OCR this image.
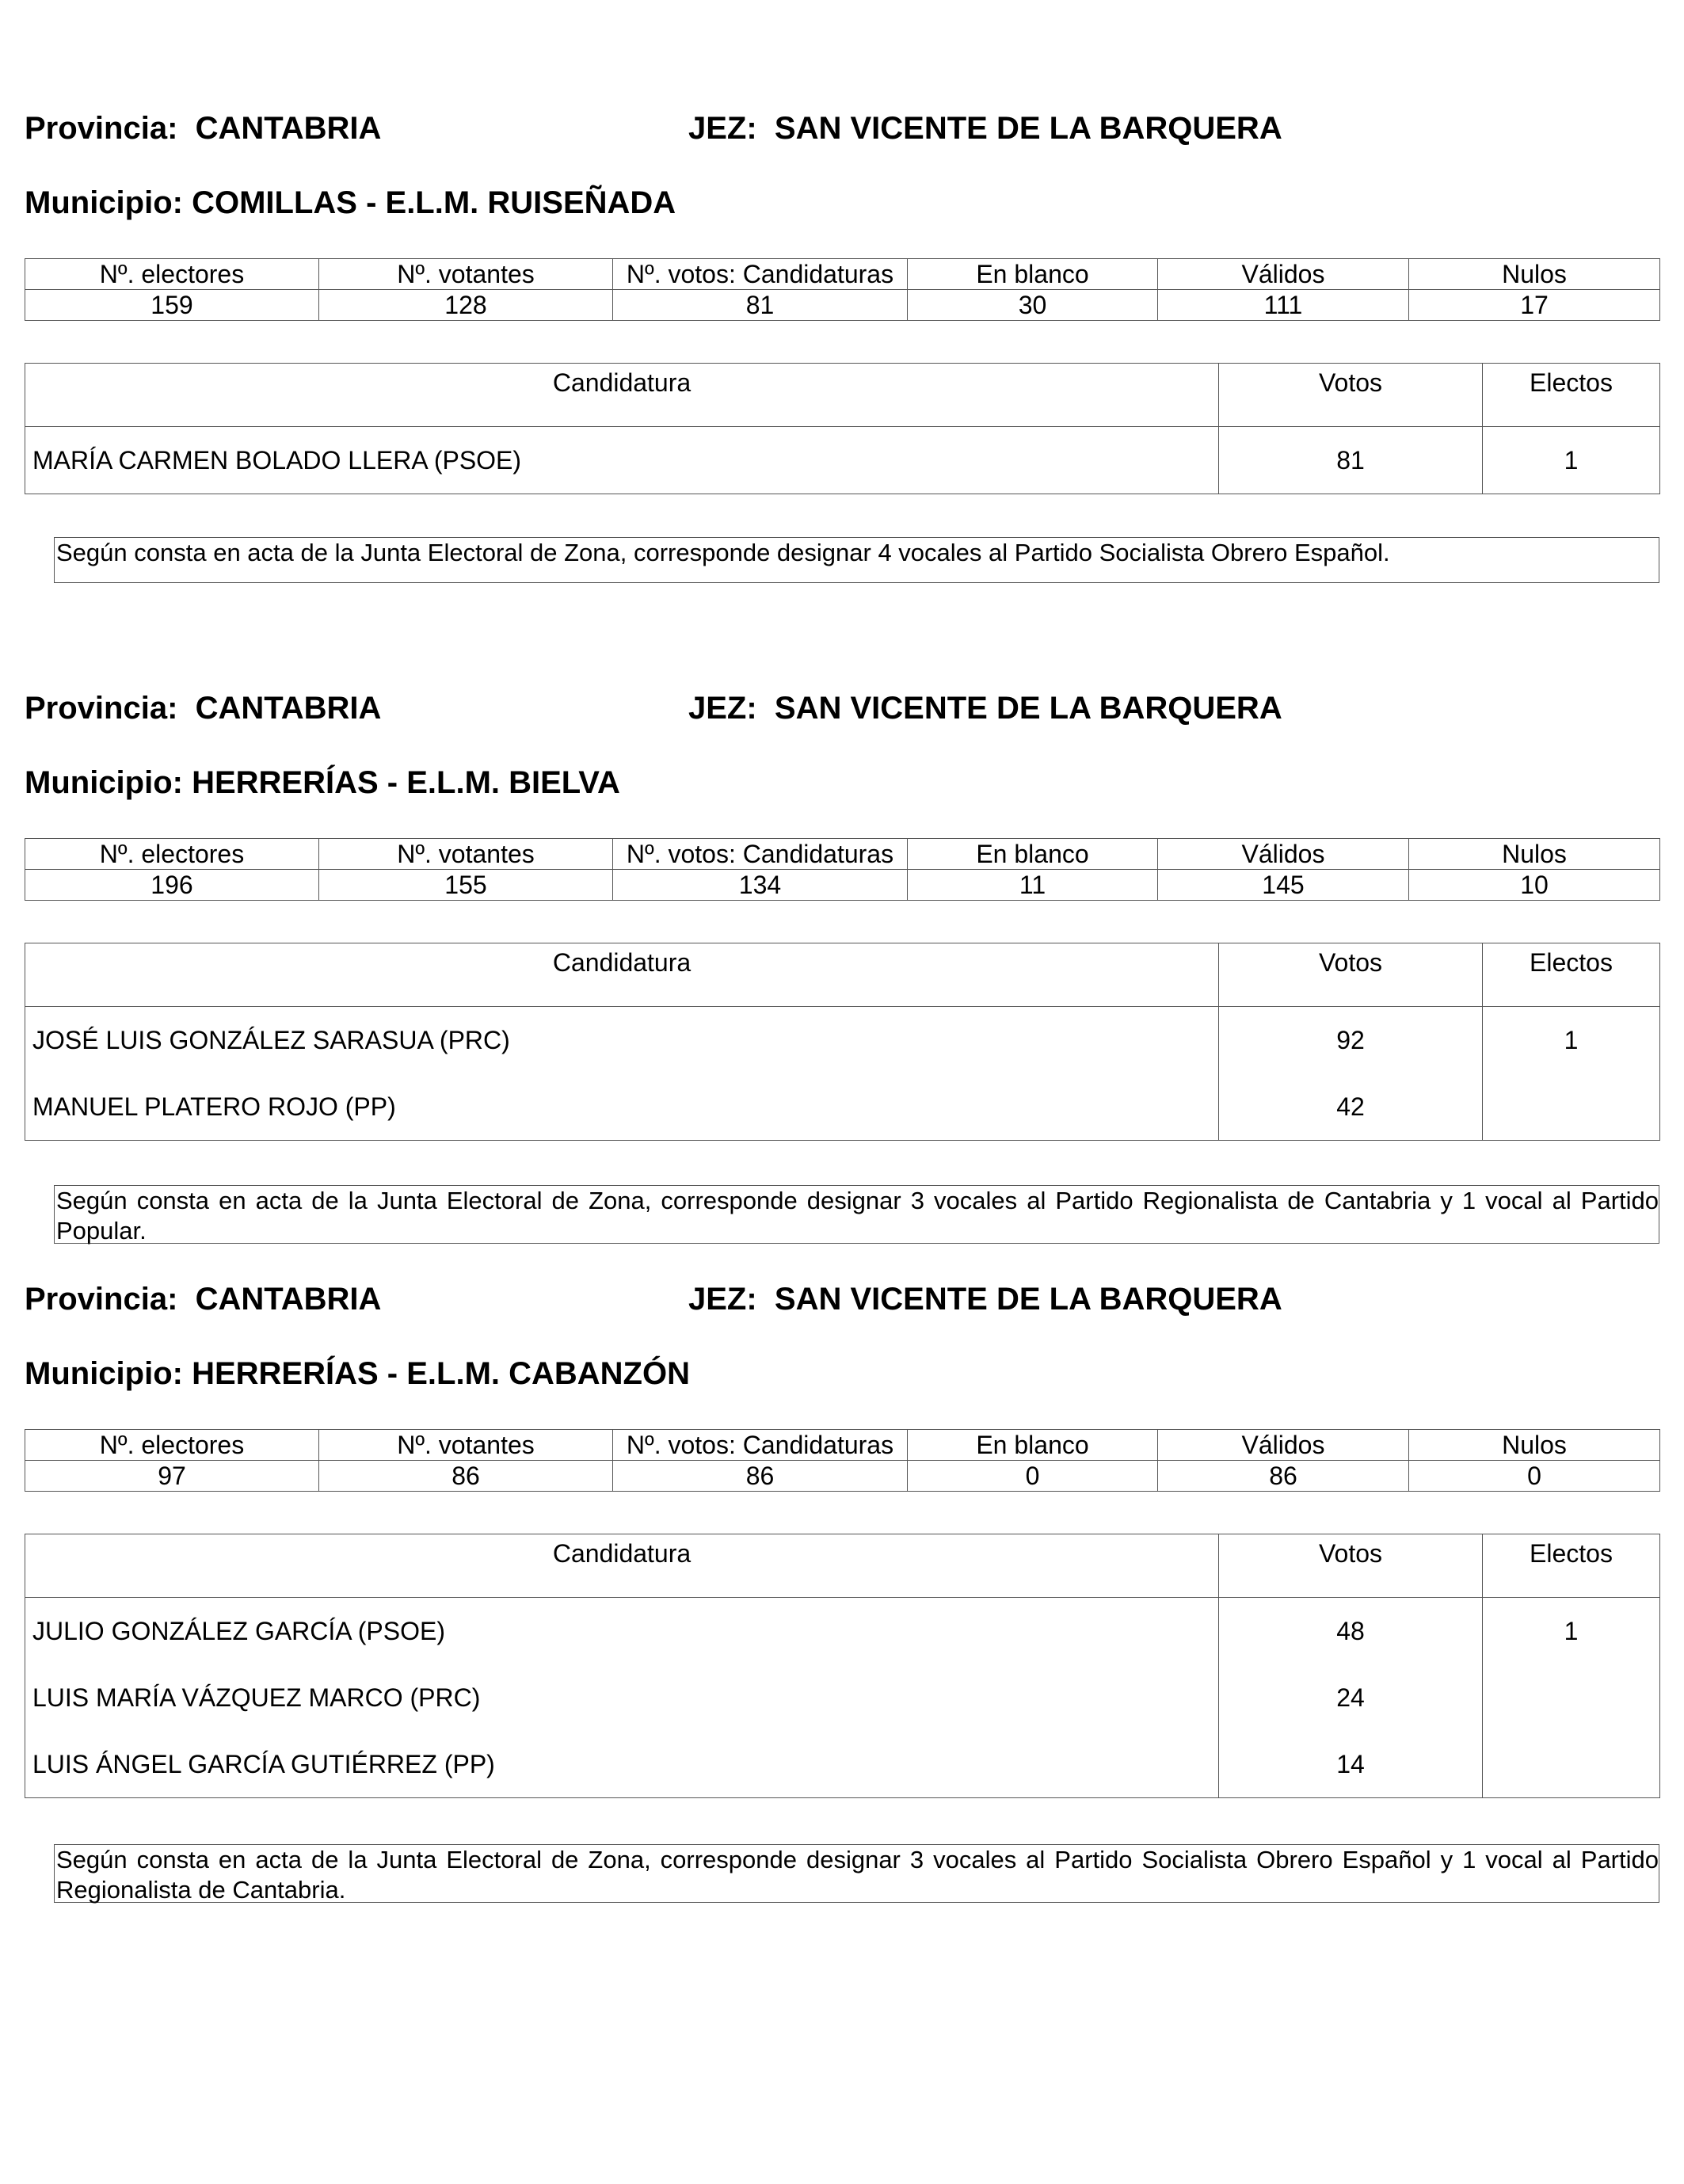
Provincia: CANTABRIA	JEZ: SAN VICENTE DE LA BARQUERA
Municipio: COMILLAS - E.L.M. RUISEÑADA
Nº. electores	Nº. votantes	Nº. votos: Candidaturas	En blanco	Válidos	Nulos
159	128	81	30	111	17
Candidatura	Votos	Electos
MARÍA CARMEN BOLADO LLERA (PSOE)	81	1
Según consta en acta de la Junta Electoral de Zona, corresponde designar 4 vocales al Partido Socialista Obrero Español.
Provincia: CANTABRIA	JEZ: SAN VICENTE DE LA BARQUERA
Municipio: HERRERÍAS - E.L.M. BIELVA
Nº. electores	Nº. votantes	Nº. votos: Candidaturas	En blanco	Válidos	Nulos
196	155	134	11	145	10
Candidatura	Votos	Electos
JOSÉ LUIS GONZÁLEZ SARASUA (PRC)	92	1
MANUEL PLATERO ROJO (PP)	42	
Según consta en acta de la Junta Electoral de Zona, corresponde designar 3 vocales al Partido Regionalista de Cantabria y 1 vocal al Partido Popular.
Provincia: CANTABRIA	JEZ: SAN VICENTE DE LA BARQUERA
Municipio: HERRERÍAS - E.L.M. CABANZÓN
Nº. electores	Nº. votantes	Nº. votos: Candidaturas	En blanco	Válidos	Nulos
97	86	86	0	86	0
Candidatura	Votos	Electos
JULIO GONZÁLEZ GARCÍA (PSOE)	48	1
LUIS MARÍA VÁZQUEZ MARCO (PRC)	24	
LUIS ÁNGEL GARCÍA GUTIÉRREZ (PP)	14	
Según consta en acta de la Junta Electoral de Zona, corresponde designar 3 vocales al Partido Socialista Obrero Español y 1 vocal al Partido Regionalista de Cantabria.
